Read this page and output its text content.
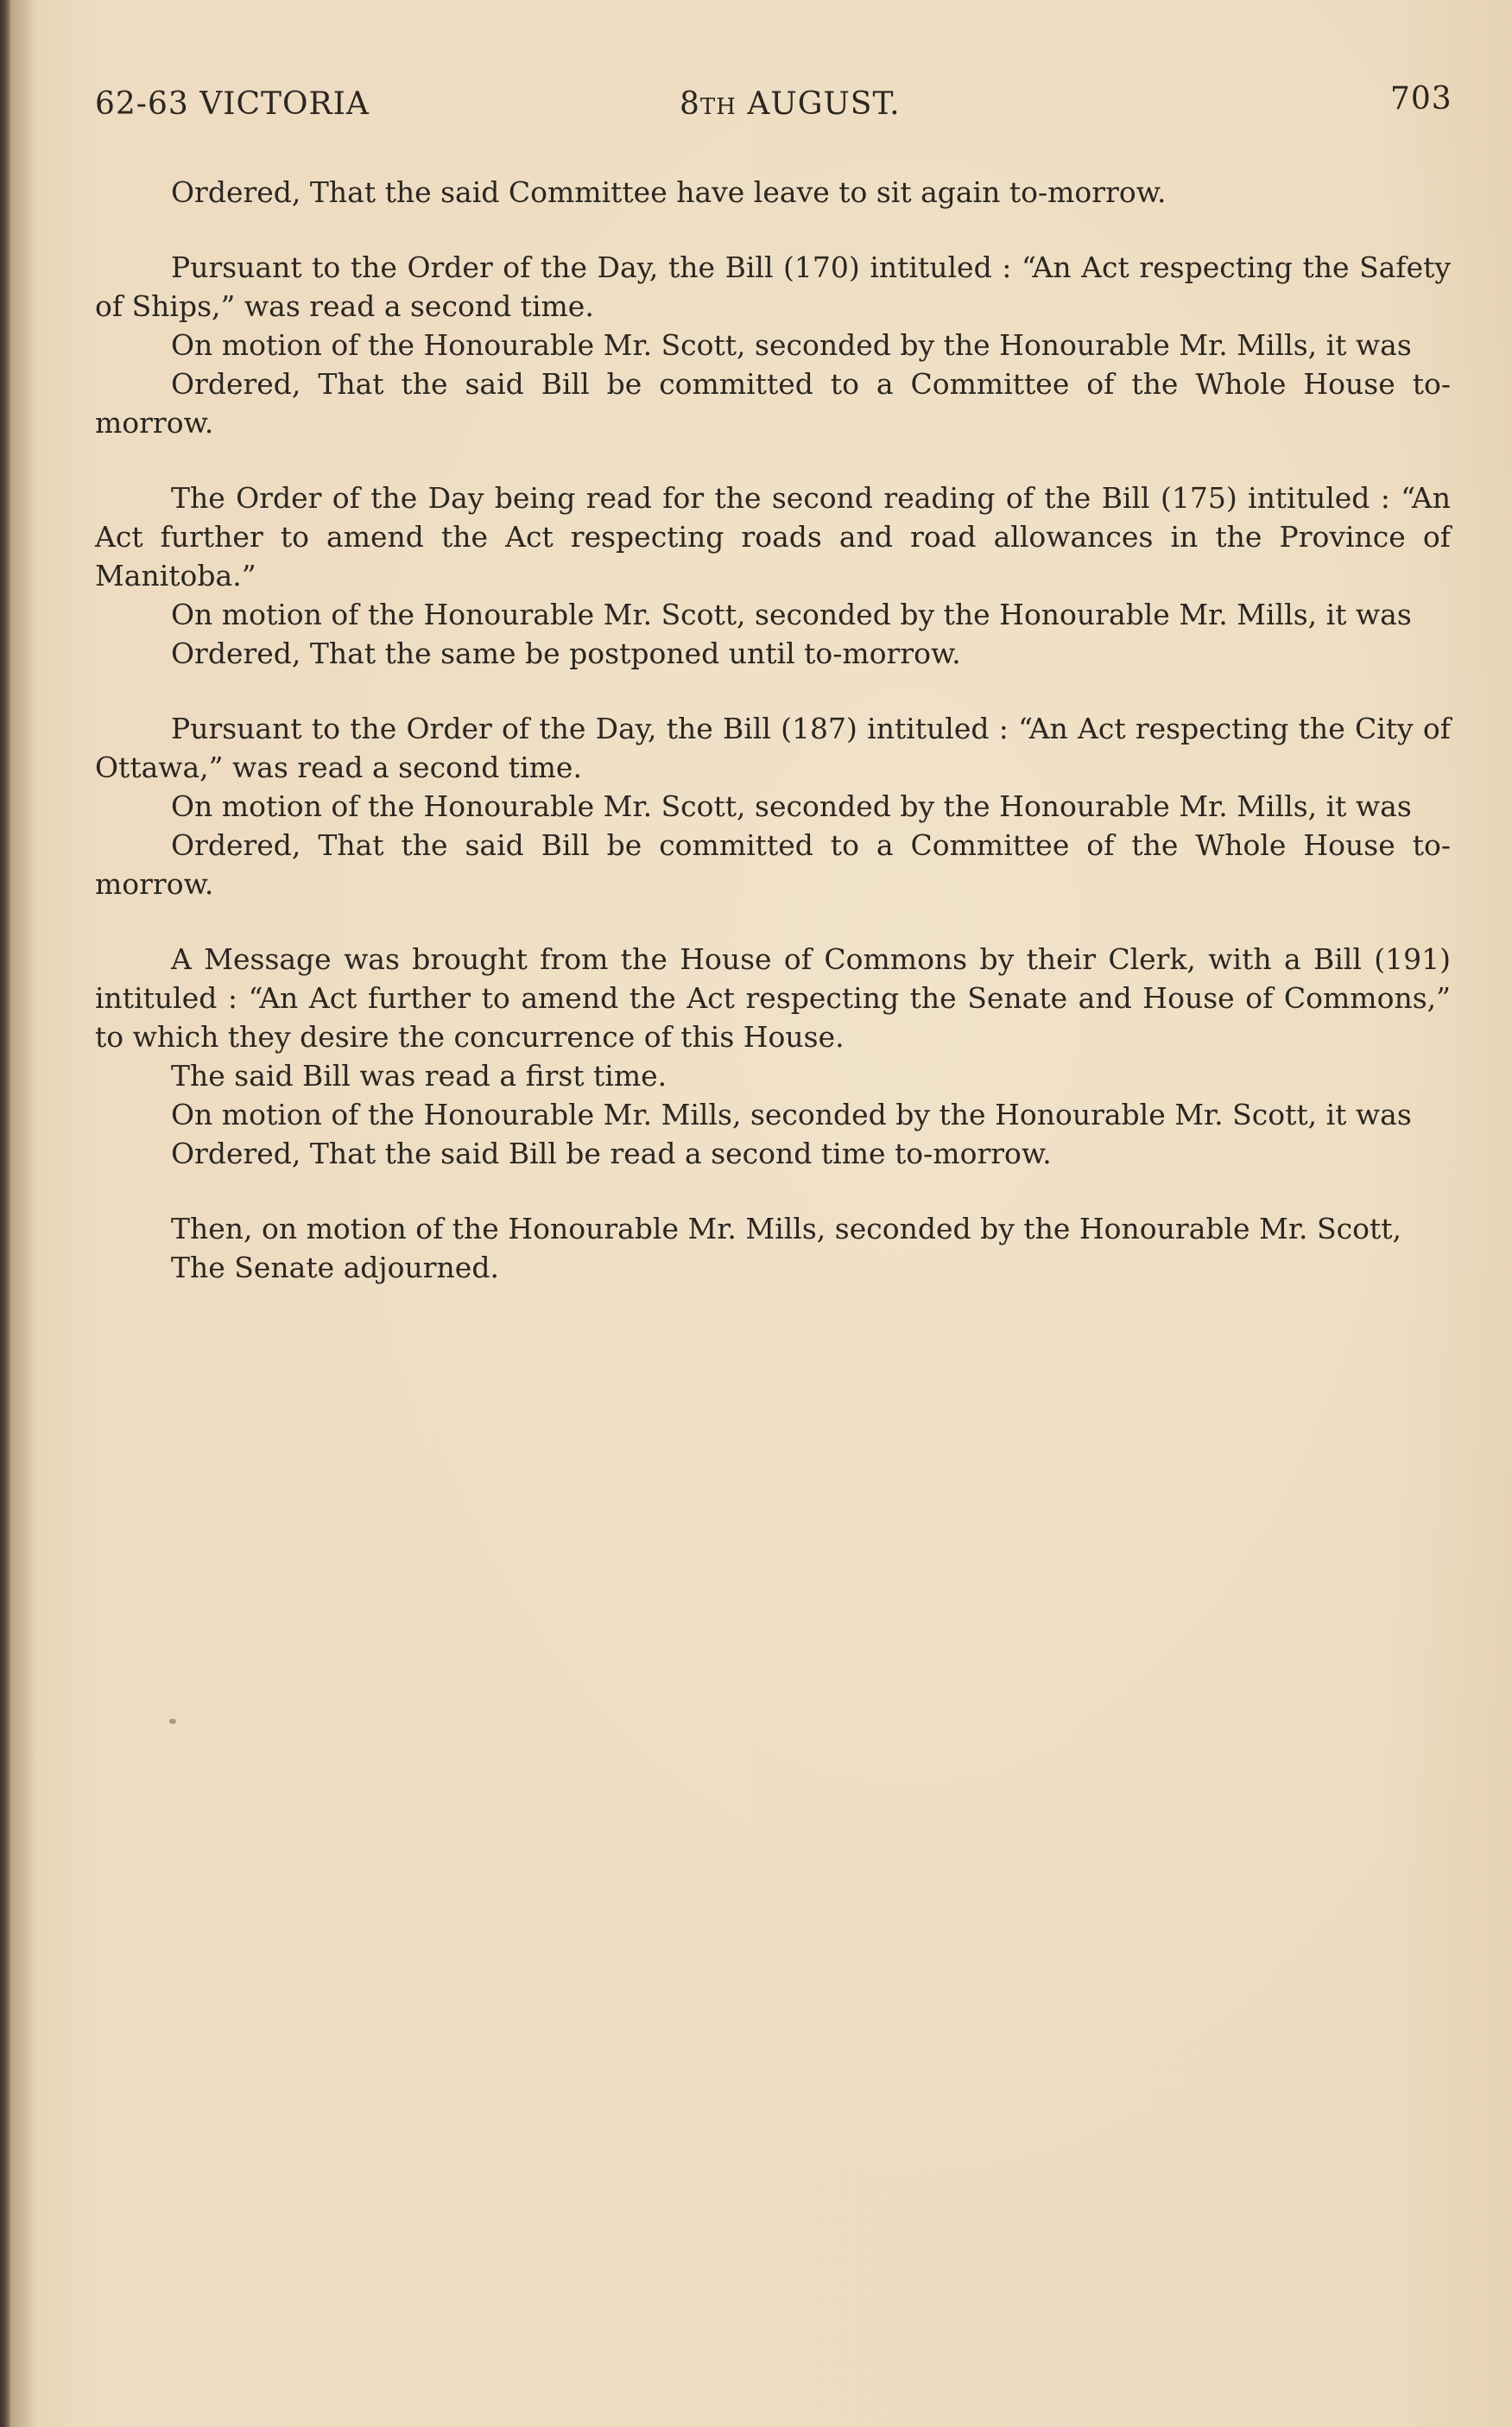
62-63 VICTORIA	8TH AUGUST.	703

Ordered, That the said Committee have leave to sit again to-morrow.

Pursuant to the Order of the Day, the Bill (170) intituled : “An Act respecting the Safety of Ships,” was read a second time.

On motion of the Honourable Mr. Scott, seconded by the Honourable Mr. Mills, it was

Ordered, That the said Bill be committed to a Committee of the Whole House to-morrow.

The Order of the Day being read for the second reading of the Bill (175) intituled : “An Act further to amend the Act respecting roads and road allowances in the Province of Manitoba.”

On motion of the Honourable Mr. Scott, seconded by the Honourable Mr. Mills, it was

Ordered, That the same be postponed until to-morrow.

Pursuant to the Order of the Day, the Bill (187) intituled : “An Act respecting the City of Ottawa,” was read a second time.

On motion of the Honourable Mr. Scott, seconded by the Honourable Mr. Mills, it was

Ordered, That the said Bill be committed to a Committee of the Whole House to-morrow.

A Message was brought from the House of Commons by their Clerk, with a Bill (191) intituled : “An Act further to amend the Act respecting the Senate and House of Commons,” to which they desire the concurrence of this House.

The said Bill was read a first time.

On motion of the Honourable Mr. Mills, seconded by the Honourable Mr. Scott, it was

Ordered, That the said Bill be read a second time to-morrow.

Then, on motion of the Honourable Mr. Mills, seconded by the Honourable Mr. Scott,

The Senate adjourned.
